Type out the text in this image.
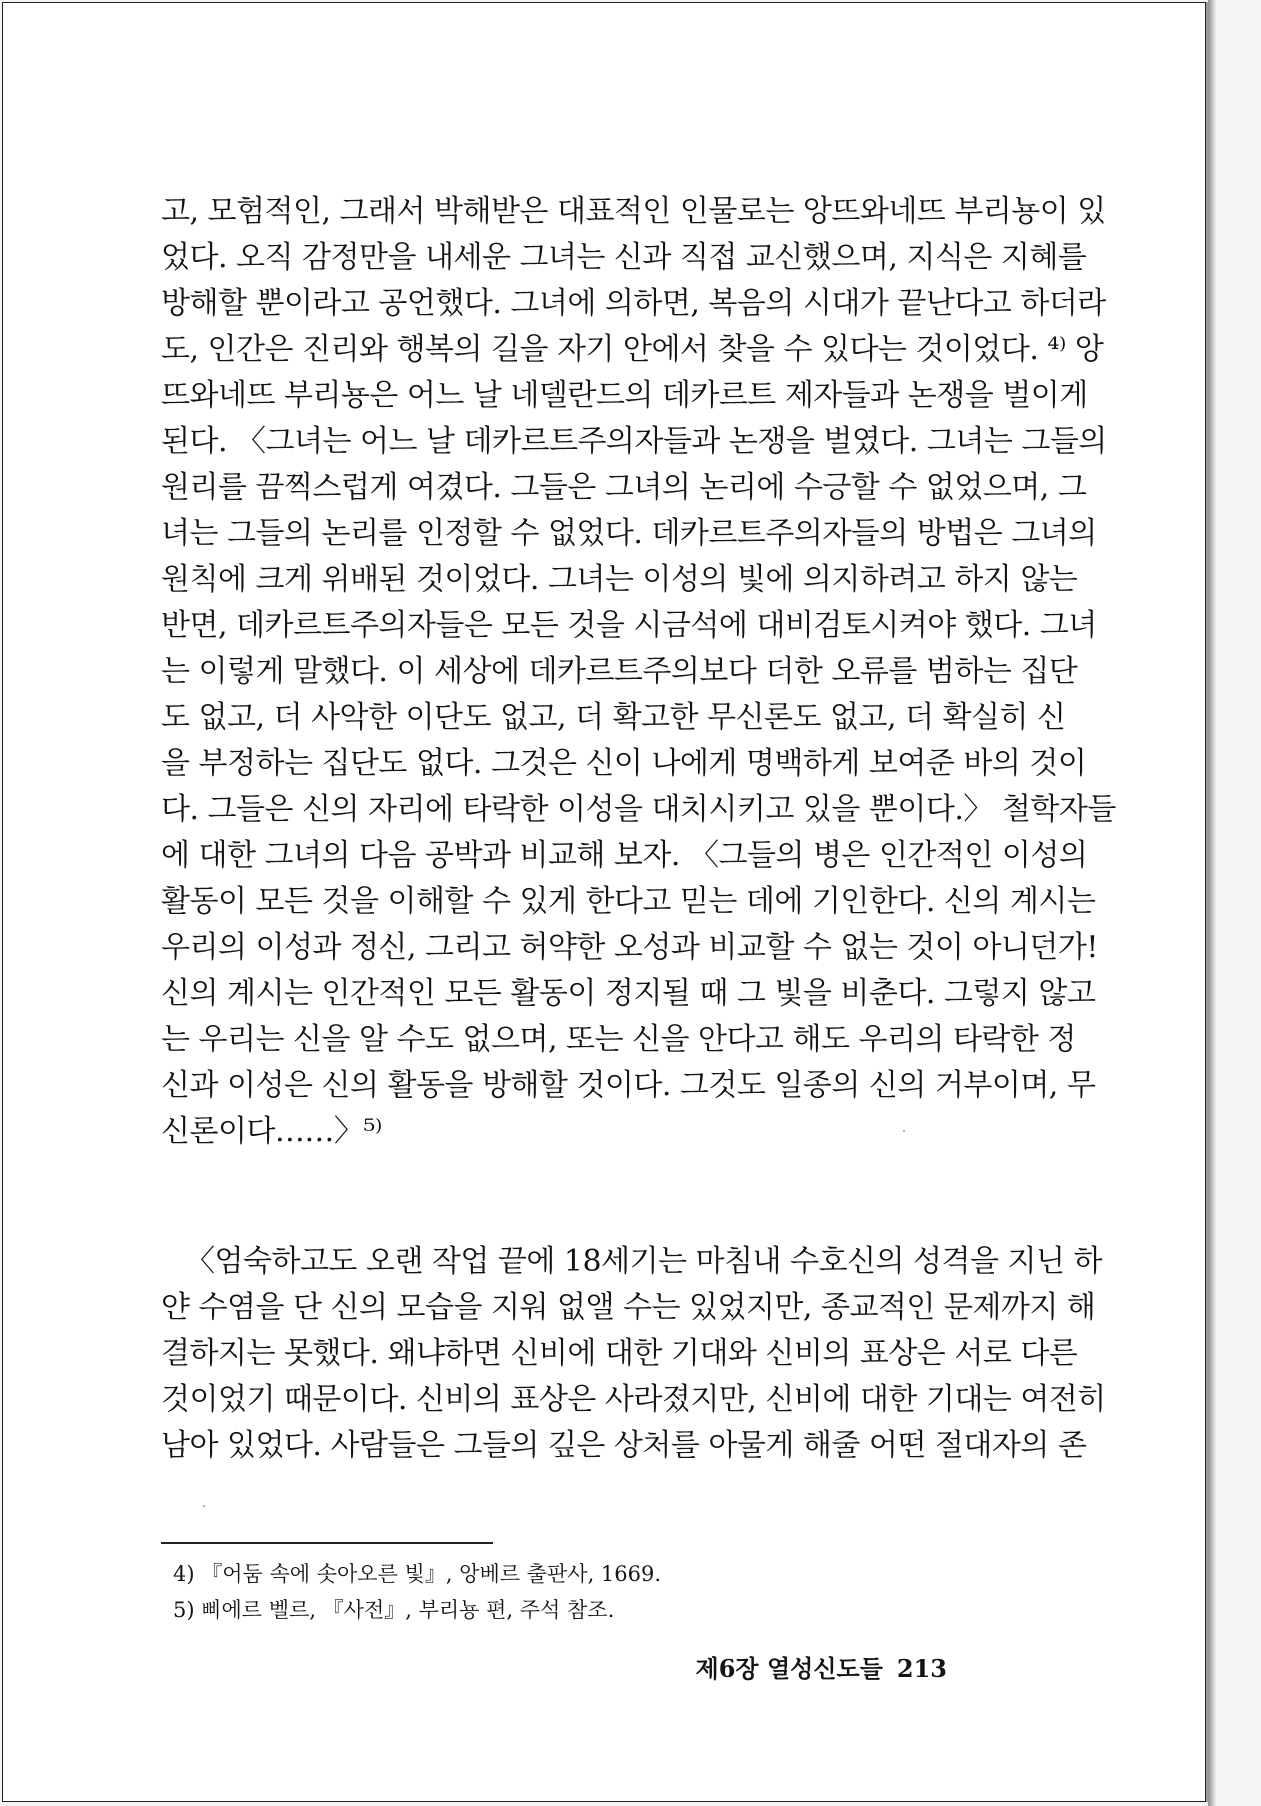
고, 모험적인, 그래서 박해받은 대표적인 인물로는 앙뜨와네뜨 부리뇽이 있
었다. 오직 감정만을 내세운 그녀는 신과 직접 교신했으며, 지식은 지혜를
방해할 뿐이라고 공언했다. 그녀에 의하면, 복음의 시대가 끝난다고 하더라
도, 인간은 진리와 행복의 길을 자기 안에서 찾을 수 있다는 것이었다. ⁴⁾ 앙
뜨와네뜨 부리뇽은 어느 날 네델란드의 데카르트 제자들과 논쟁을 벌이게
된다. 〈그녀는 어느 날 데카르트주의자들과 논쟁을 벌였다. 그녀는 그들의
원리를 끔찍스럽게 여겼다. 그들은 그녀의 논리에 수긍할 수 없었으며, 그
녀는 그들의 논리를 인정할 수 없었다. 데카르트주의자들의 방법은 그녀의
원칙에 크게 위배된 것이었다. 그녀는 이성의 빛에 의지하려고 하지 않는
반면, 데카르트주의자들은 모든 것을 시금석에 대비검토시켜야 했다. 그녀
는 이렇게 말했다. 이 세상에 데카르트주의보다 더한 오류를 범하는 집단
도 없고, 더 사악한 이단도 없고, 더 확고한 무신론도 없고, 더 확실히 신
을 부정하는 집단도 없다. 그것은 신이 나에게 명백하게 보여준 바의 것이
다. 그들은 신의 자리에 타락한 이성을 대치시키고 있을 뿐이다.〉 철학자들
에 대한 그녀의 다음 공박과 비교해 보자. 〈그들의 병은 인간적인 이성의
활동이 모든 것을 이해할 수 있게 한다고 믿는 데에 기인한다. 신의 계시는
우리의 이성과 정신, 그리고 허약한 오성과 비교할 수 없는 것이 아니던가!
신의 계시는 인간적인 모든 활동이 정지될 때 그 빛을 비춘다. 그렇지 않고
는 우리는 신을 알 수도 없으며, 또는 신을 안다고 해도 우리의 타락한 정
신과 이성은 신의 활동을 방해할 것이다. 그것도 일종의 신의 거부이며, 무
신론이다……〉⁵⁾
〈엄숙하고도 오랜 작업 끝에 18세기는 마침내 수호신의 성격을 지닌 하
얀 수염을 단 신의 모습을 지워 없앨 수는 있었지만, 종교적인 문제까지 해
결하지는 못했다. 왜냐하면 신비에 대한 기대와 신비의 표상은 서로 다른
것이었기 때문이다. 신비의 표상은 사라졌지만, 신비에 대한 기대는 여전히
남아 있었다. 사람들은 그들의 깊은 상처를 아물게 해줄 어떤 절대자의 존
4) 『어둠 속에 솟아오른 빛』, 앙베르 출판사, 1669.
5) 삐에르 벨르, 『사전』, 부리뇽 편, 주석 참조.
제6장 열성신도들 213
